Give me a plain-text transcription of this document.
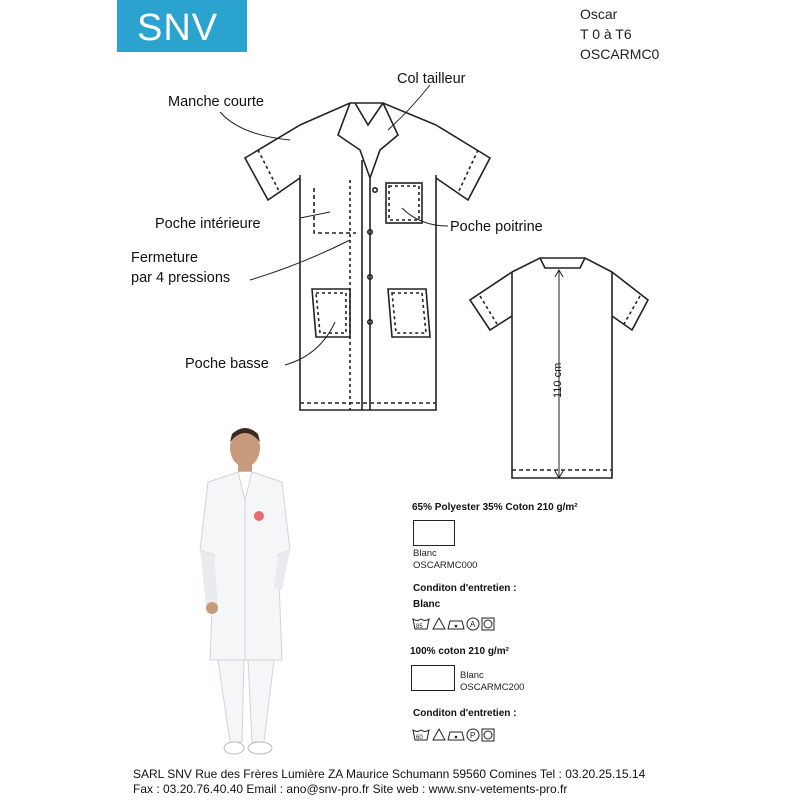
SNV	Oscar
T 0 à T6
OSCARMC0
Col tailleur
Manche courte
Poche intérieure
Fermeture
par 4 pressions
Poche poitrine
Poche basse	110 cm
65% Polyester 35% Coton 210 g/m²
Blanc
OSCARMC000
Conditon d'entretien :
Blanc
85	A
100% coton 210 g/m²
Blanc
OSCARMC200
Conditon d'entretien :
60	P
SARL SNV Rue des Frères Lumière ZA Maurice Schumann 59560 Comines Tel : 03.20.25.15.14
Fax : 03.20.76.40.40 Email : ano@snv-pro.fr Site web : www.snv-vetements-pro.fr
